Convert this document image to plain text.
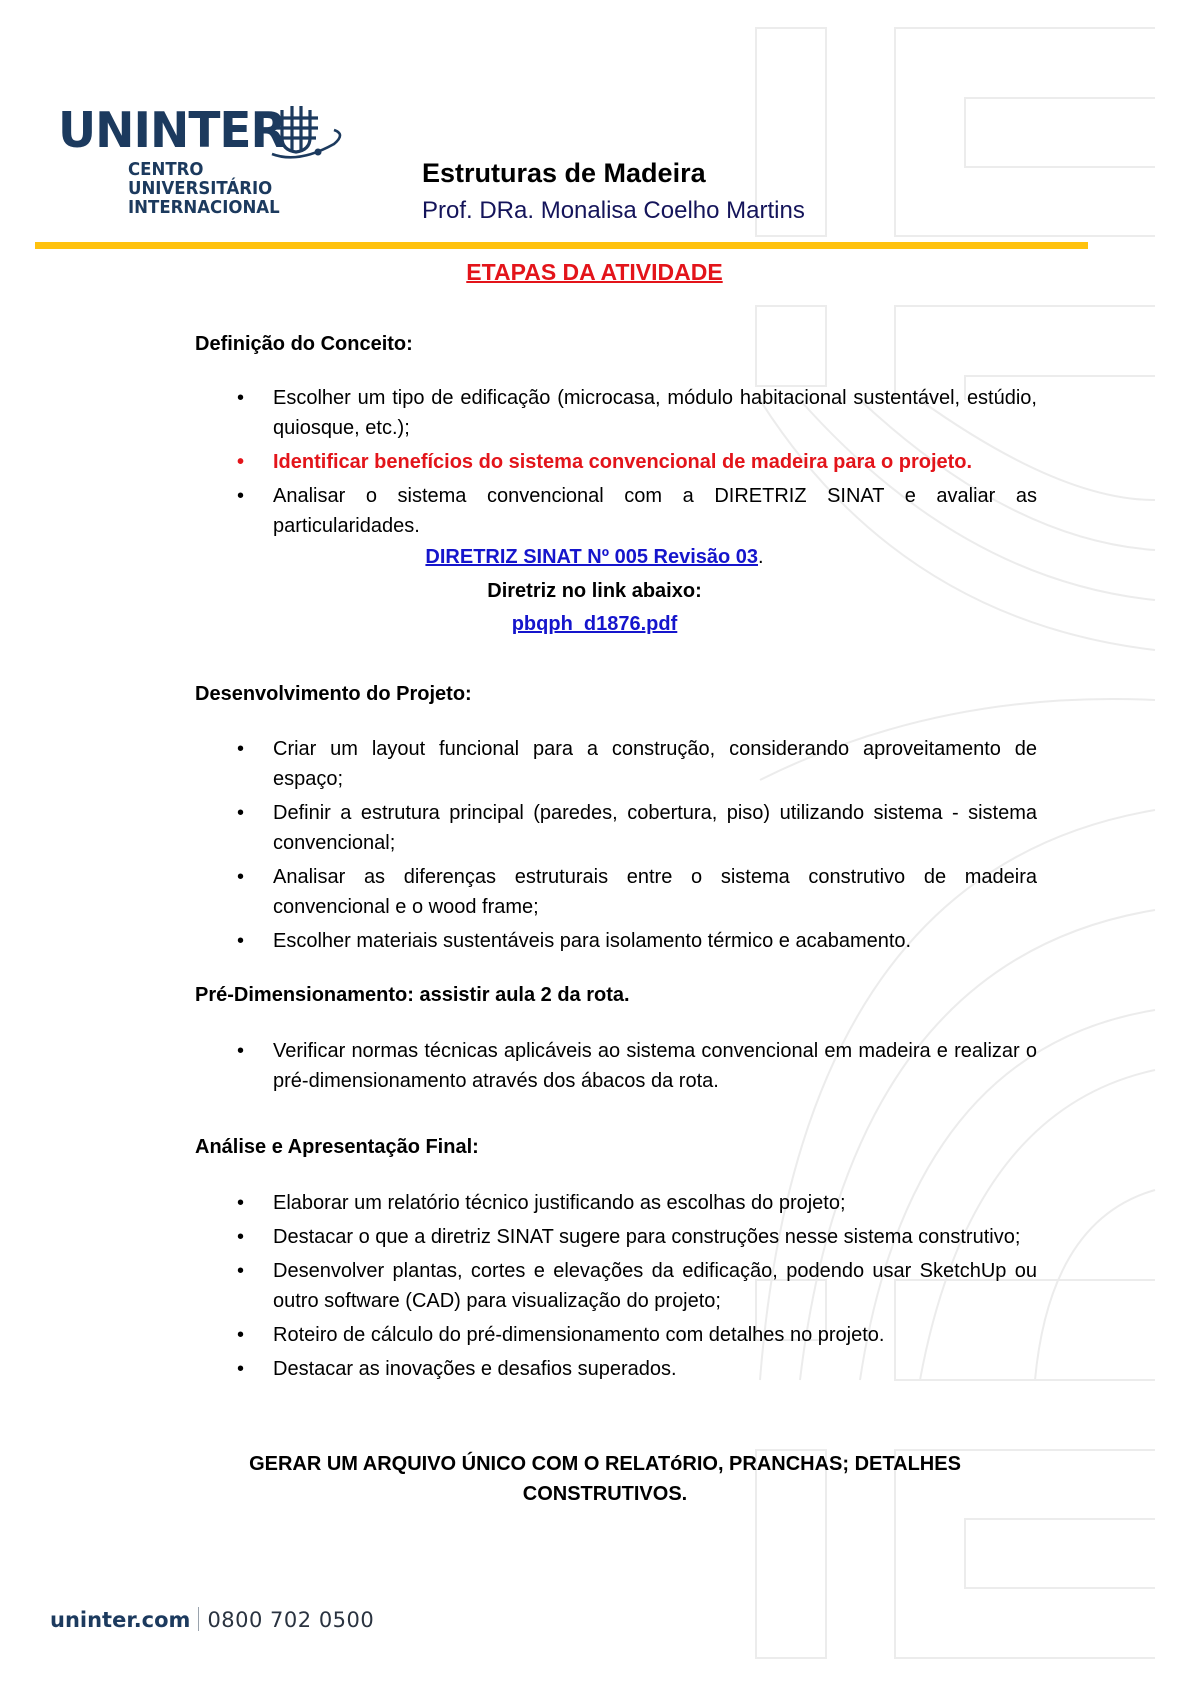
UNINTER
CENTRO
UNIVERSITÁRIO
INTERNACIONAL
Estruturas de Madeira
Prof. DRa. Monalisa Coelho Martins
ETAPAS DA ATIVIDADE
Definição do Conceito:
• Escolher um tipo de edificação (microcasa, módulo habitacional sustentável, estúdio, quiosque, etc.);
• Identificar benefícios do sistema convencional de madeira para o projeto.
• Analisar o sistema convencional com a DIRETRIZ SINAT e avaliar as particularidades.
DIRETRIZ SINAT Nº 005 Revisão 03.
Diretriz no link abaixo:
pbqph_d1876.pdf
Desenvolvimento do Projeto:
• Criar um layout funcional para a construção, considerando aproveitamento de espaço;
• Definir a estrutura principal (paredes, cobertura, piso) utilizando sistema - sistema convencional;
• Analisar as diferenças estruturais entre o sistema construtivo de madeira convencional e o wood frame;
• Escolher materiais sustentáveis para isolamento térmico e acabamento.
Pré-Dimensionamento: assistir aula 2 da rota.
• Verificar normas técnicas aplicáveis ao sistema convencional em madeira e realizar o pré-dimensionamento através dos ábacos da rota.
Análise e Apresentação Final:
• Elaborar um relatório técnico justificando as escolhas do projeto;
• Destacar o que a diretriz SINAT sugere para construções nesse sistema construtivo;
• Desenvolver plantas, cortes e elevações da edificação, podendo usar SketchUp ou outro software (CAD) para visualização do projeto;
• Roteiro de cálculo do pré-dimensionamento com detalhes no projeto.
• Destacar as inovações e desafios superados.
GERAR UM ARQUIVO ÚNICO COM O RELATóRIO, PRANCHAS; DETALHES CONSTRUTIVOS.
uninter.com 0800 702 0500
